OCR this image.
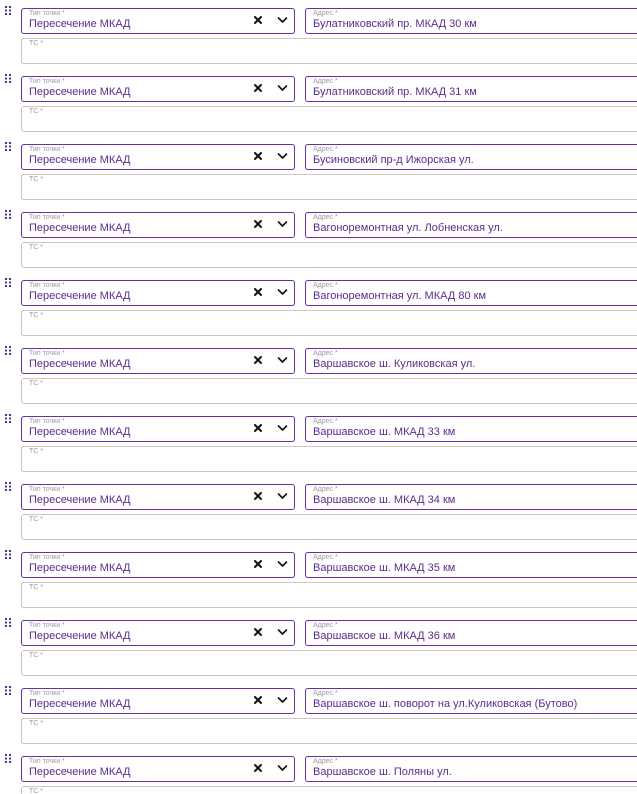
Тип точки *
Пересечение МКАД
Адрес *
Булатниковский пр. МКАД 30 км
ТС *
Тип точки *
Пересечение МКАД
Адрес *
Булатниковский пр. МКАД 31 км
ТС *
Тип точки *
Пересечение МКАД
Адрес *
Бусиновский пр-д Ижорская ул.
ТС *
Тип точки *
Пересечение МКАД
Адрес *
Вагоноремонтная ул. Лобненская ул.
ТС *
Тип точки *
Пересечение МКАД
Адрес *
Вагоноремонтная ул. МКАД 80 км
ТС *
Тип точки *
Пересечение МКАД
Адрес *
Варшавское ш. Куликовская ул.
ТС *
Тип точки *
Пересечение МКАД
Адрес *
Варшавское ш. МКАД 33 км
ТС *
Тип точки *
Пересечение МКАД
Адрес *
Варшавское ш. МКАД 34 км
ТС *
Тип точки *
Пересечение МКАД
Адрес *
Варшавское ш. МКАД 35 км
ТС *
Тип точки *
Пересечение МКАД
Адрес *
Варшавское ш. МКАД 36 км
ТС *
Тип точки *
Пересечение МКАД
Адрес *
Варшавское ш. поворот на ул.Куликовская (Бутово)
ТС *
Тип точки *
Пересечение МКАД
Адрес *
Варшавское ш. Поляны ул.
ТС *
